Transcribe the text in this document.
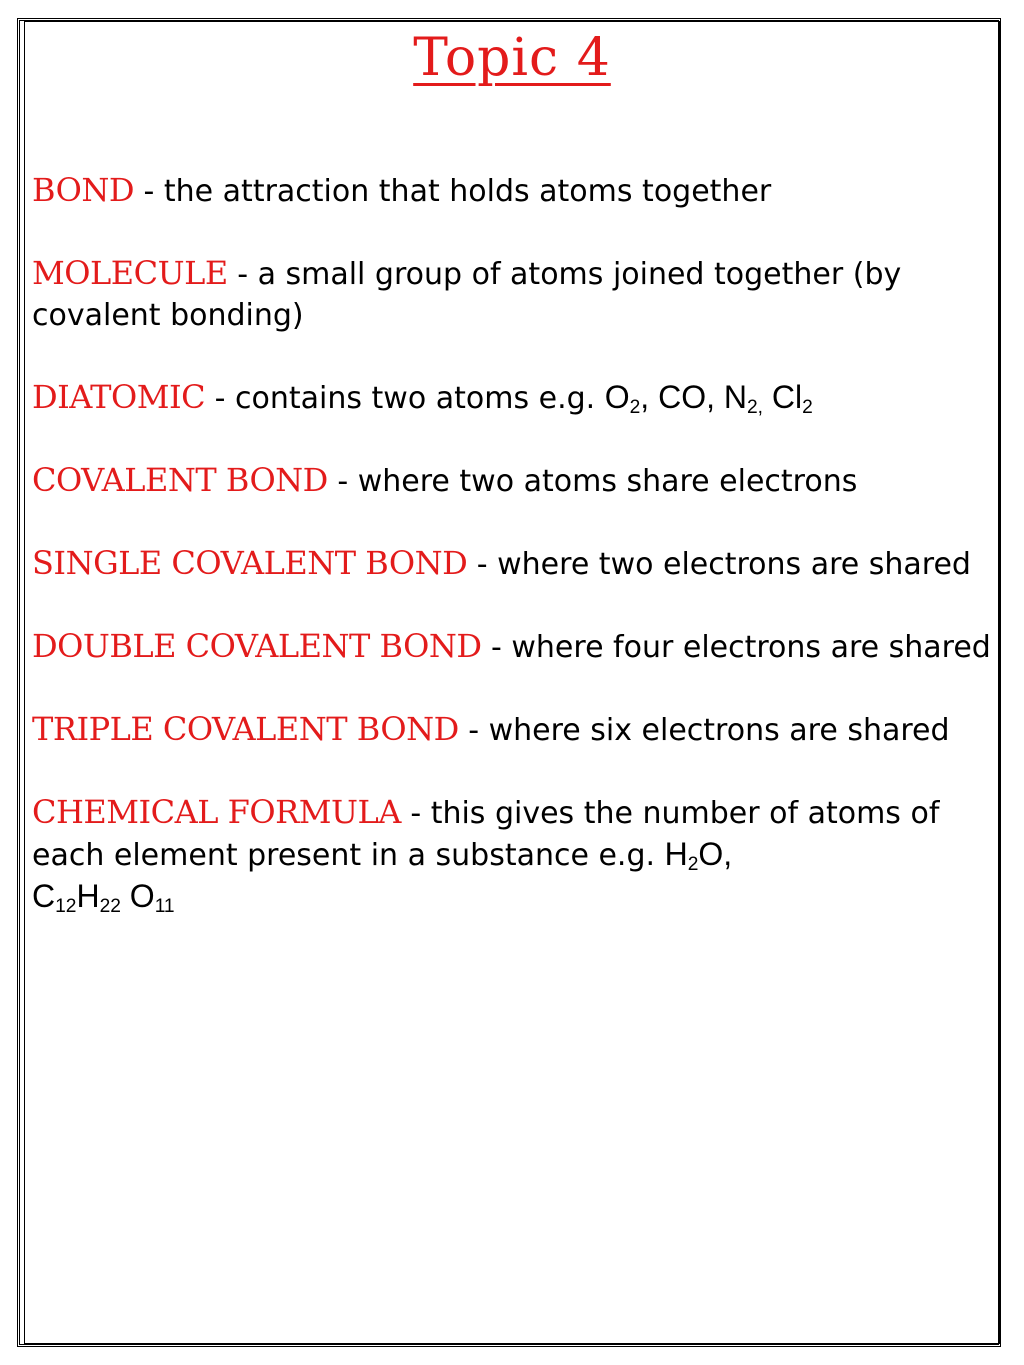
Topic 4

BOND - the attraction that holds atoms together

MOLECULE - a small group of atoms joined together (by covalent bonding)

DIATOMIC - contains two atoms e.g. $O_2$, CO, $N_{2,}$ $Cl_2$

COVALENT BOND - where two atoms share electrons

SINGLE COVALENT BOND - where two electrons are shared

DOUBLE COVALENT BOND - where four electrons are shared

TRIPLE COVALENT BOND - where six electrons are shared

CHEMICAL FORMULA - this gives the number of atoms of each element present in a substance e.g. $H_2O$,
$C_{12}H_{22}$ $O_{11}$
